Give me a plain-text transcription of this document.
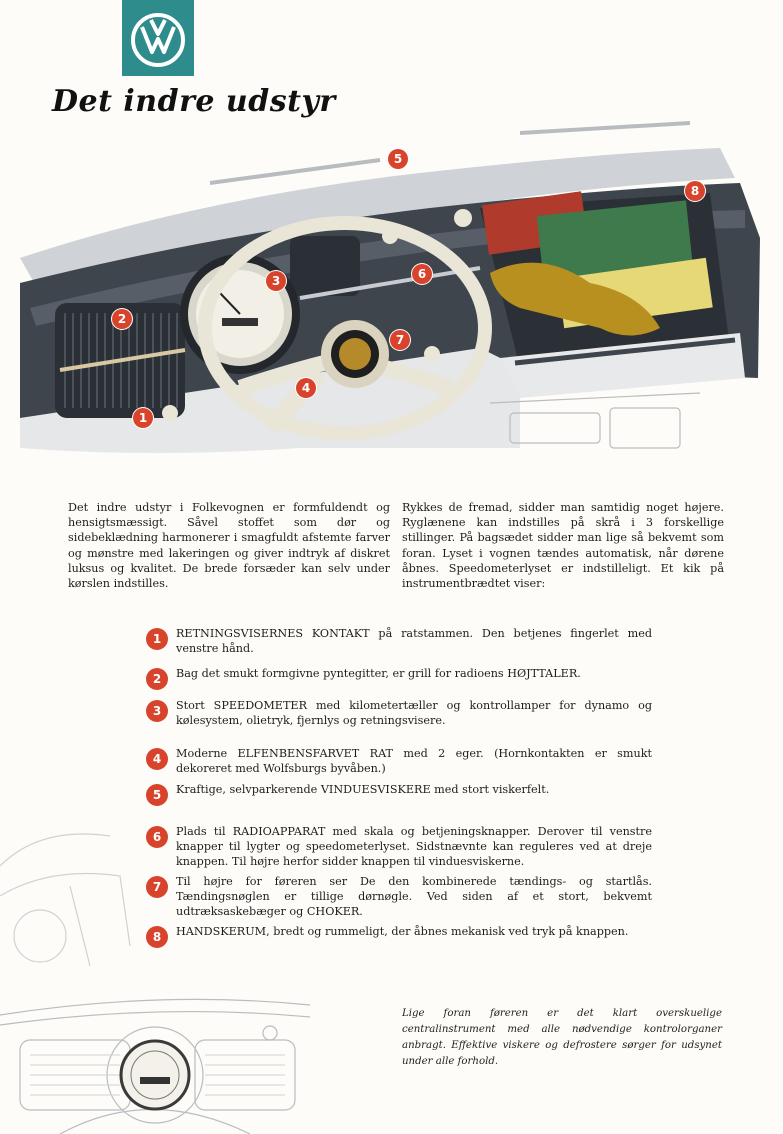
Det indre udstyr
5
8
3	6
2
7
4
1
Det indre udstyr i Folkevognen er formfuldendt og hensigtsmæssigt. Såvel stoffet som dør og sidebeklædning harmonerer i smagfuldt afstemte farver og mønstre med lakeringen og giver indtryk af diskret luksus og kvalitet. De brede forsæder kan selv under kørslen indstilles.
Rykkes de fremad, sidder man samtidig noget højere. Ryglænene kan indstilles på skrå i 3 forskellige stillinger. På bagsædet sidder man lige så bekvemt som foran. Lyset i vognen tændes automatisk, når dørene åbnes. Speedometerlyset er indstilleligt. Et kik på instrumentbrædtet viser:
1	RETNINGSVISERNES KONTAKT på ratstammen. Den betjenes fingerlet med venstre hånd.
2	Bag det smukt formgivne pyntegitter, er grill for radioens HØJTTALER.
3	Stort SPEEDOMETER med kilometertæller og kontrollamper for dynamo og kølesystem, olietryk, fjernlys og retningsvisere.
4	Moderne ELFENBENSFARVET RAT med 2 eger. (Hornkontakten er smukt dekoreret med Wolfsburgs byvåben.)
5	Kraftige, selvparkerende VINDUESVISKERE med stort viskerfelt.
6	Plads til RADIOAPPARAT med skala og betjeningsknapper. Derover til venstre knapper til lygter og speedometerlyset. Sidstnævnte kan reguleres ved at dreje knappen. Til højre herfor sidder knappen til vinduesviskerne.
7	Til højre for føreren ser De den kombinerede tændings- og startlås. Tændingsnøglen er tillige dørnøgle. Ved siden af et stort, bekvemt udtræksaskebæger og CHOKER.
8	HANDSKERUM, bredt og rummeligt, der åbnes mekanisk ved tryk på knappen.
Lige foran føreren er det klart overskuelige centralinstrument med alle nødvendige kontrolorganer anbragt. Effektive viskere og defrostere sørger for udsynet under alle forhold.
